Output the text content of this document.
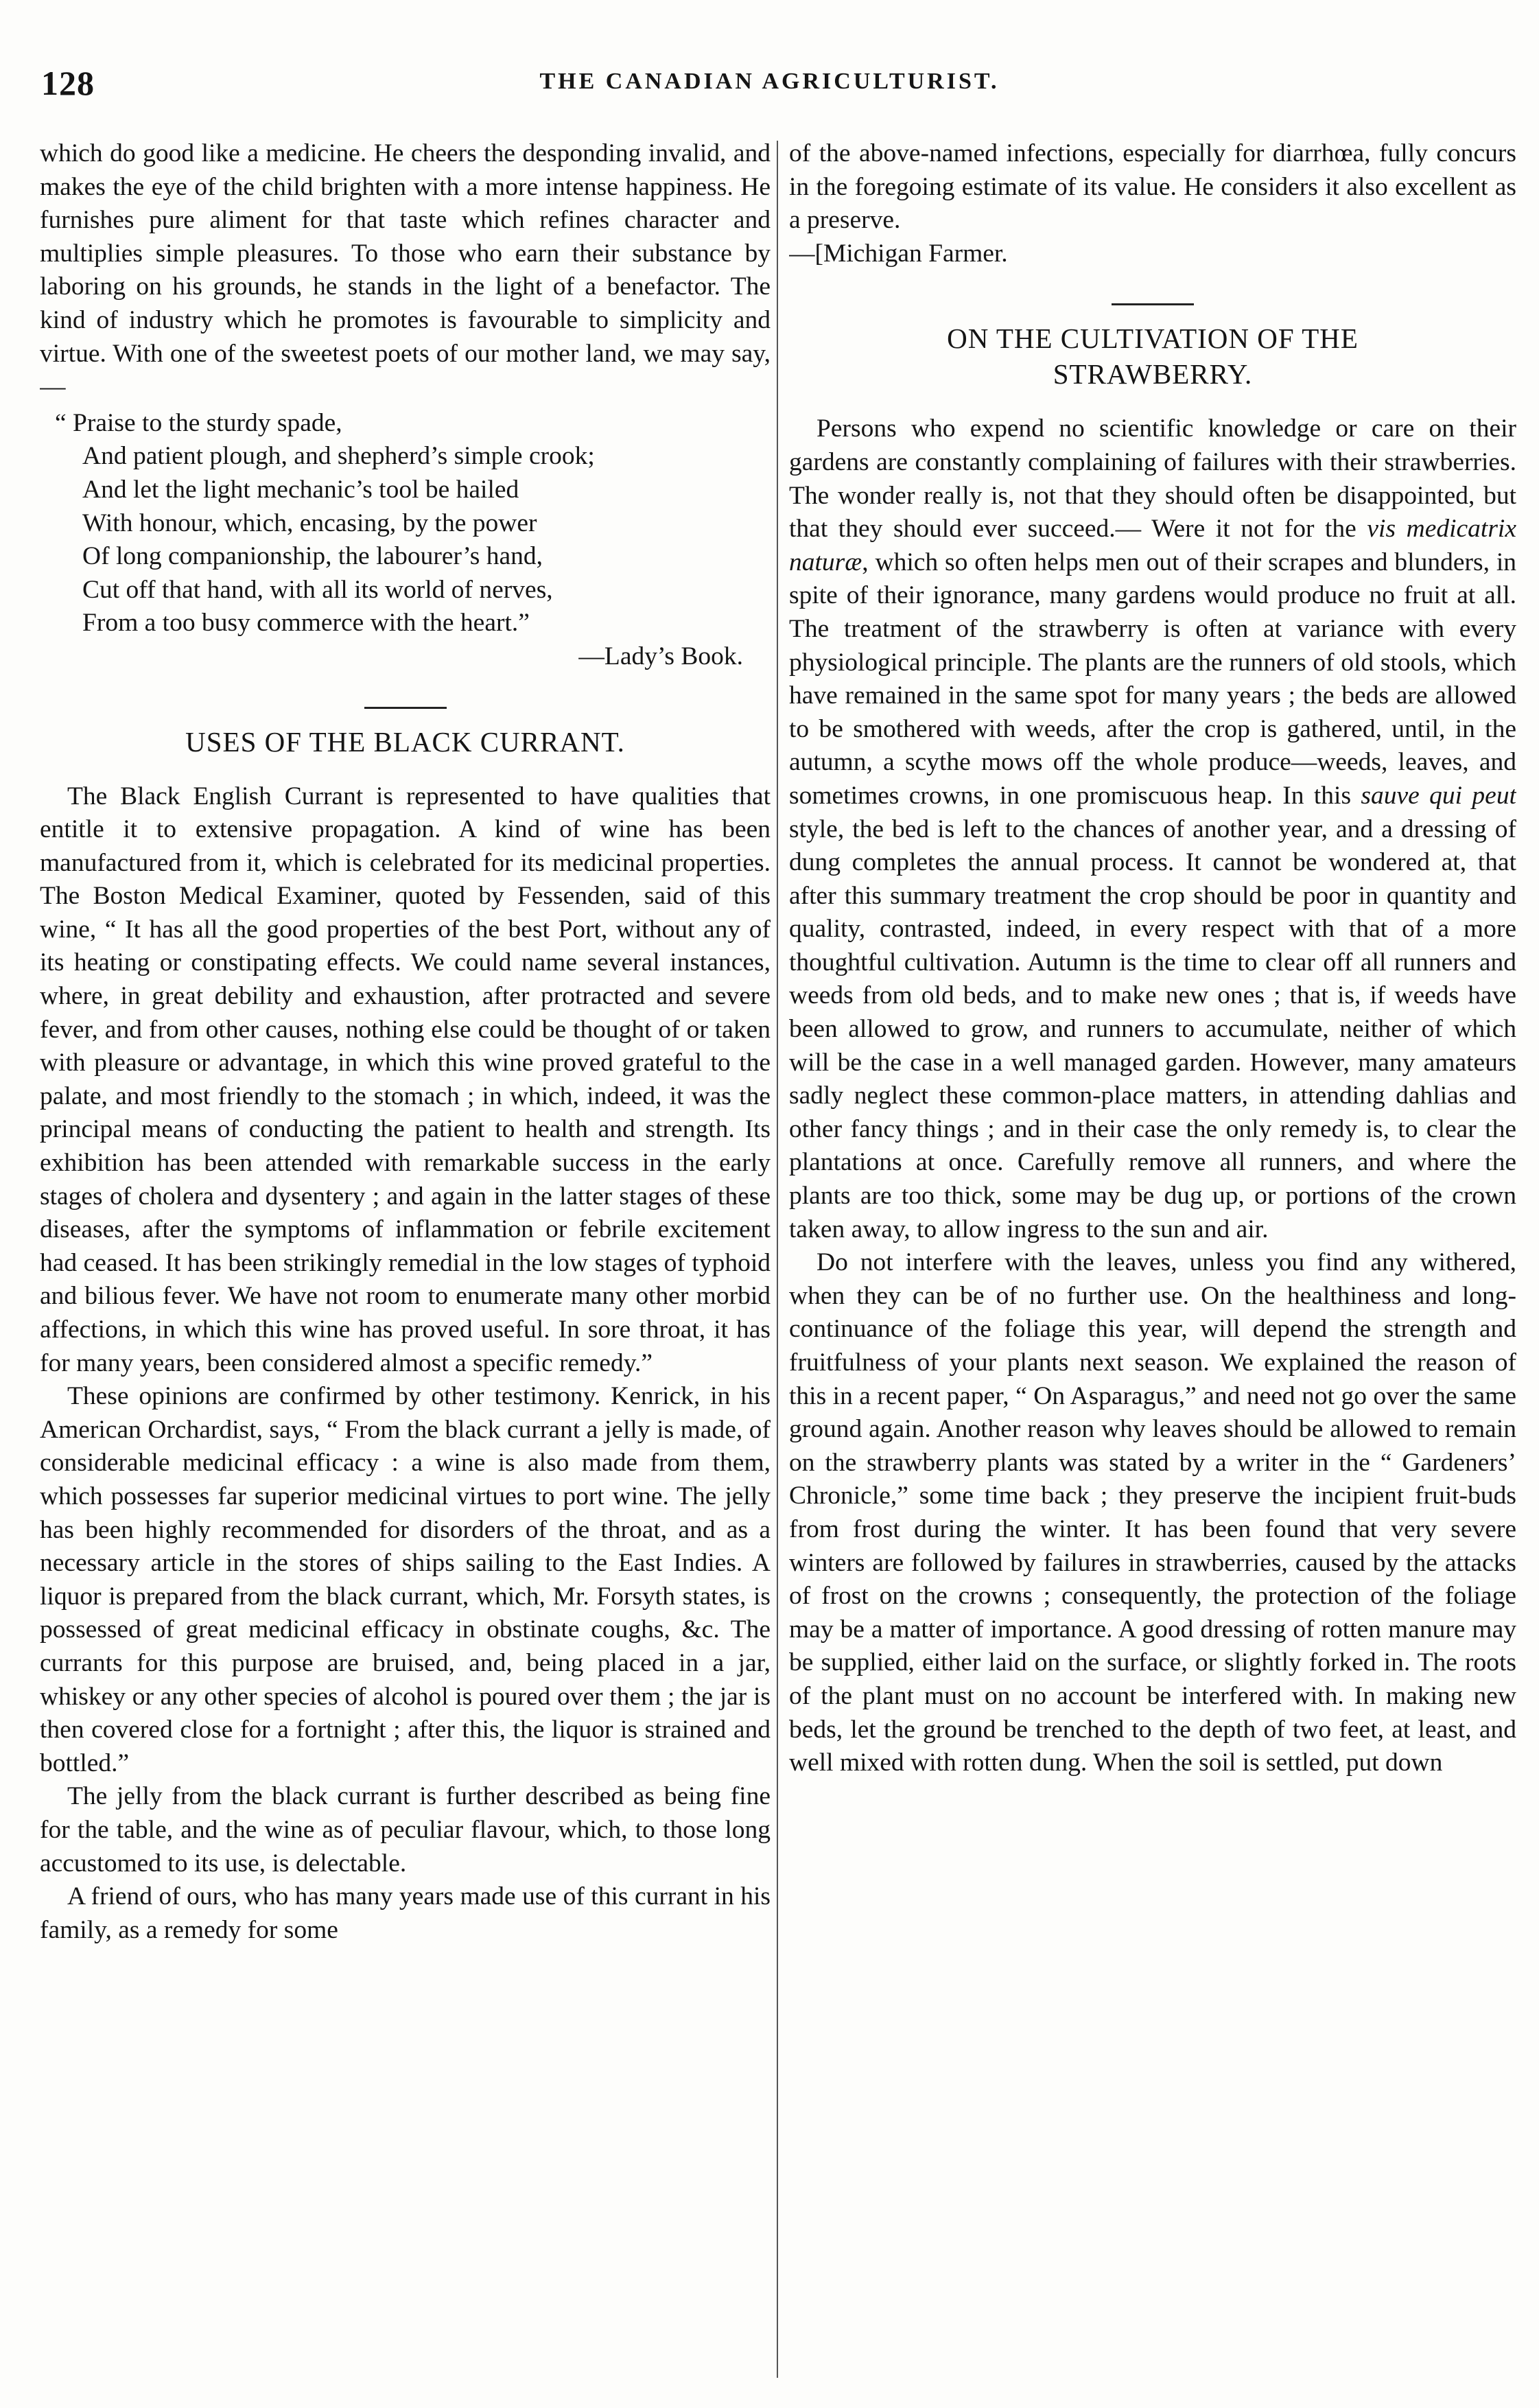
128	THE CANADIAN AGRICULTURIST.

which do good like a medicine. He cheers the desponding invalid, and makes the eye of the child brighten with a more intense happiness. He furnishes pure aliment for that taste which refines character and multiplies simple pleasures. To those who earn their substance by laboring on his grounds, he stands in the light of a benefactor. The kind of industry which he promotes is favourable to simplicity and virtue. With one of the sweetest poets of our mother land, we may say,—

“ Praise to the sturdy spade,
And patient plough, and shepherd’s simple crook;
And let the light mechanic’s tool be hailed
With honour, which, encasing, by the power
Of long companionship, the labourer’s hand,
Cut off that hand, with all its world of nerves,
From a too busy commerce with the heart.”
—Lady’s Book.
USES OF THE BLACK CURRANT.

The Black English Currant is represented to have qualities that entitle it to extensive propagation. A kind of wine has been manufactured from it, which is celebrated for its medicinal properties. The Boston Medical Examiner, quoted by Fessenden, said of this wine, “ It has all the good properties of the best Port, without any of its heating or constipating effects. We could name several instances, where, in great debility and exhaustion, after protracted and severe fever, and from other causes, nothing else could be thought of or taken with pleasure or advantage, in which this wine proved grateful to the palate, and most friendly to the stomach ; in which, indeed, it was the principal means of conducting the patient to health and strength. Its exhibition has been attended with remarkable success in the early stages of cholera and dysentery ; and again in the latter stages of these diseases, after the symptoms of inflammation or febrile excitement had ceased. It has been strikingly remedial in the low stages of typhoid and bilious fever. We have not room to enumerate many other morbid affections, in which this wine has proved useful. In sore throat, it has for many years, been considered almost a specific remedy.”

These opinions are confirmed by other testimony. Kenrick, in his American Orchardist, says, “ From the black currant a jelly is made, of considerable medicinal efficacy : a wine is also made from them, which possesses far superior medicinal virtues to port wine. The jelly has been highly recommended for disorders of the throat, and as a necessary article in the stores of ships sailing to the East Indies. A liquor is prepared from the black currant, which, Mr. Forsyth states, is possessed of great medicinal efficacy in obstinate coughs, &c. The currants for this purpose are bruised, and, being placed in a jar, whiskey or any other species of alcohol is poured over them ; the jar is then covered close for a fortnight ; after this, the liquor is strained and bottled.”

The jelly from the black currant is further described as being fine for the table, and the wine as of peculiar flavour, which, to those long accustomed to its use, is delectable.

A friend of ours, who has many years made use of this currant in his family, as a remedy for some

of the above-named infections, especially for diarrhœa, fully concurs in the foregoing estimate of its value. He considers it also excellent as a preserve.

—[Michigan Farmer.
ON THE CULTIVATION OF THE
STRAWBERRY.

Persons who expend no scientific knowledge or care on their gardens are constantly complaining of failures with their strawberries. The wonder really is, not that they should often be disappointed, but that they should ever succeed.— Were it not for the vis medicatrix naturæ, which so often helps men out of their scrapes and blunders, in spite of their ignorance, many gardens would produce no fruit at all. The treatment of the strawberry is often at variance with every physiological principle. The plants are the runners of old stools, which have remained in the same spot for many years ; the beds are allowed to be smothered with weeds, after the crop is gathered, until, in the autumn, a scythe mows off the whole produce—weeds, leaves, and sometimes crowns, in one promiscuous heap. In this sauve qui peut style, the bed is left to the chances of another year, and a dressing of dung completes the annual process. It cannot be wondered at, that after this summary treatment the crop should be poor in quantity and quality, contrasted, indeed, in every respect with that of a more thoughtful cultivation. Autumn is the time to clear off all runners and weeds from old beds, and to make new ones ; that is, if weeds have been allowed to grow, and runners to accumulate, neither of which will be the case in a well managed garden. However, many amateurs sadly neglect these common-place matters, in attending dahlias and other fancy things ; and in their case the only remedy is, to clear the plantations at once. Carefully remove all runners, and where the plants are too thick, some may be dug up, or portions of the crown taken away, to allow ingress to the sun and air.

Do not interfere with the leaves, unless you find any withered, when they can be of no further use. On the healthiness and long-continuance of the foliage this year, will depend the strength and fruitfulness of your plants next season. We explained the reason of this in a recent paper, “ On Asparagus,” and need not go over the same ground again. Another reason why leaves should be allowed to remain on the strawberry plants was stated by a writer in the “ Gardeners’ Chronicle,” some time back ; they preserve the incipient fruit-buds from frost during the winter. It has been found that very severe winters are followed by failures in strawberries, caused by the attacks of frost on the crowns ; consequently, the protection of the foliage may be a matter of importance. A good dressing of rotten manure may be supplied, either laid on the surface, or slightly forked in. The roots of the plant must on no account be interfered with. In making new beds, let the ground be trenched to the depth of two feet, at least, and well mixed with rotten dung. When the soil is settled, put down
